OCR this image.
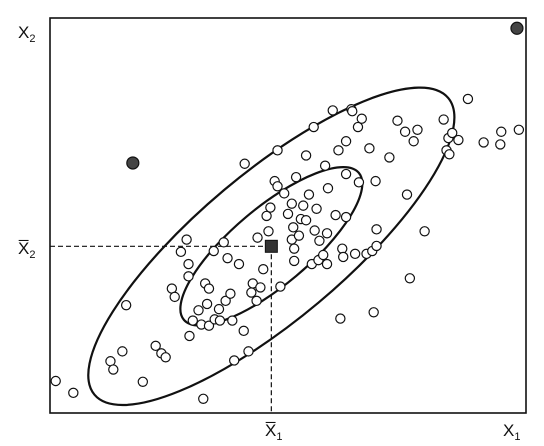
$X_2$
$X̅_2$
$X̅_1$	$X_1$
